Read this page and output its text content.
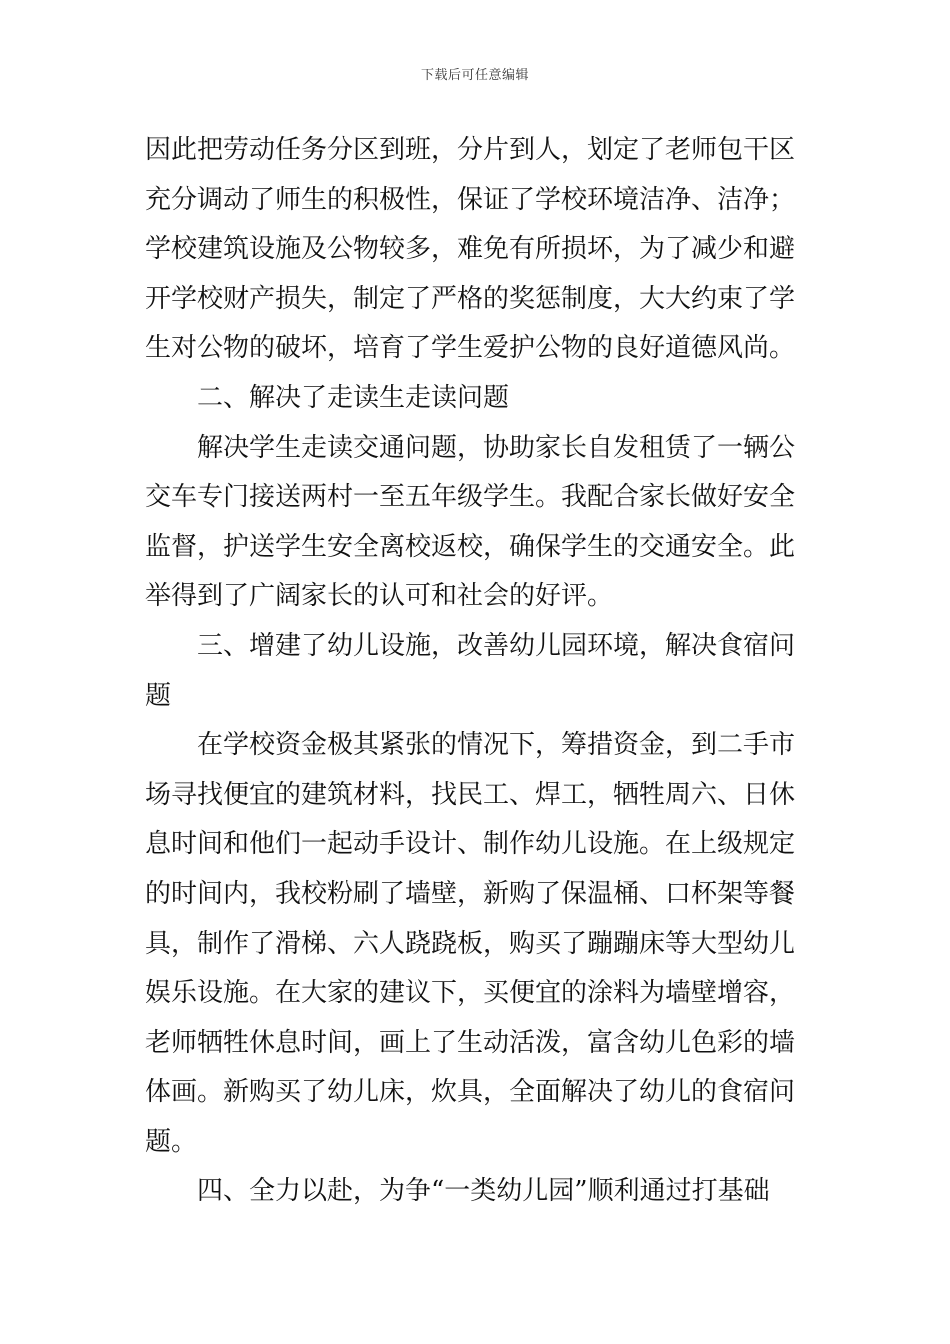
下载后可任意编辑
因此把劳动任务分区到班，分片到人，划定了老师包干区
充分调动了师生的积极性，保证了学校环境洁净、洁净；
学校建筑设施及公物较多，难免有所损坏，为了减少和避
开学校财产损失，制定了严格的奖惩制度，大大约束了学
生对公物的破坏，培育了学生爱护公物的良好道德风尚。
二、解决了走读生走读问题
解决学生走读交通问题，协助家长自发租赁了一辆公
交车专门接送两村一至五年级学生。我配合家长做好安全
监督，护送学生安全离校返校，确保学生的交通安全。此
举得到了广阔家长的认可和社会的好评。
三、增建了幼儿设施，改善幼儿园环境，解决食宿问
题
在学校资金极其紧张的情况下，筹措资金，到二手市
场寻找便宜的建筑材料，找民工、焊工，牺牲周六、日休
息时间和他们一起动手设计、制作幼儿设施。在上级规定
的时间内，我校粉刷了墙壁，新购了保温桶、口杯架等餐
具，制作了滑梯、六人跷跷板，购买了蹦蹦床等大型幼儿
娱乐设施。在大家的建议下，买便宜的涂料为墙壁增容，
老师牺牲休息时间，画上了生动活泼，富含幼儿色彩的墙
体画。新购买了幼儿床，炊具，全面解决了幼儿的食宿问
题。
四、全力以赴，为争“一类幼儿园”顺利通过打基础
